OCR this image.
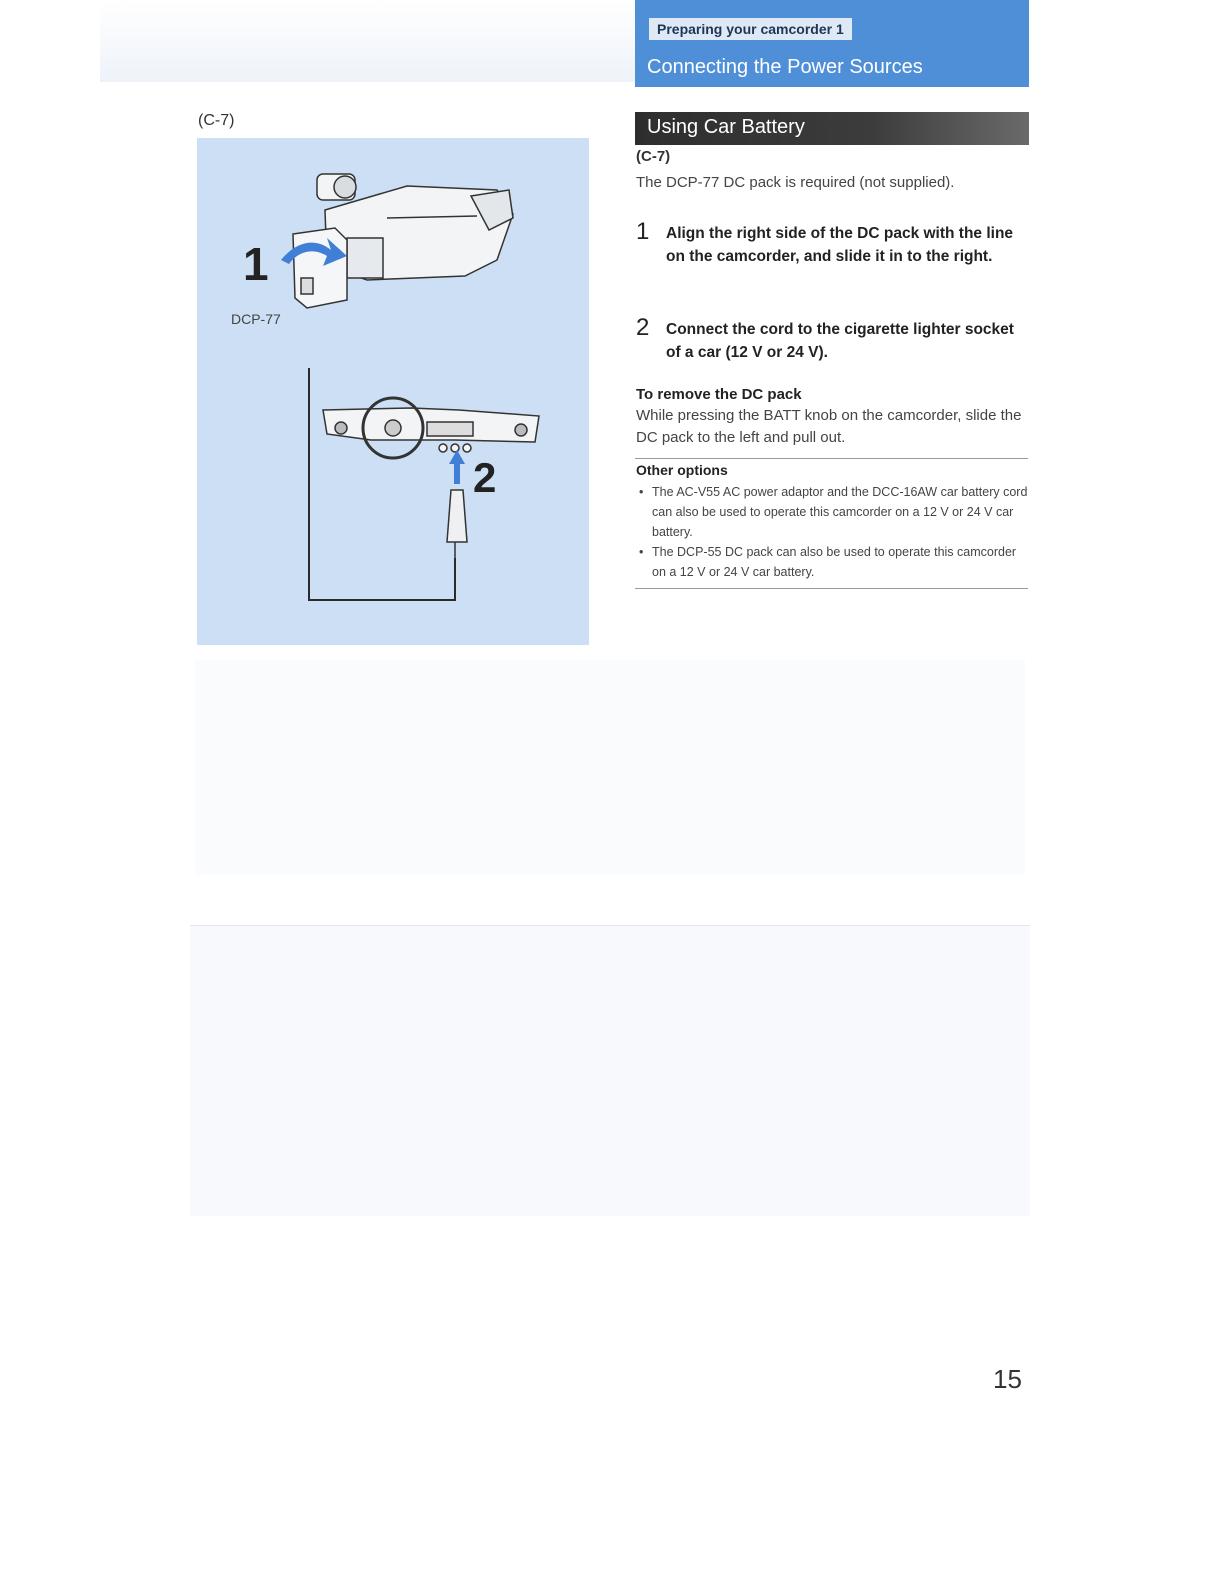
Preparing your camcorder 1
Connecting the Power Sources
(C-7)
1
2
DCP-77
Using Car Battery
(C-7)
The DCP-77 DC pack is required (not supplied).
1 Align the right side of the DC pack with the line on the camcorder, and slide it in to the right.
2 Connect the cord to the cigarette lighter socket of a car (12 V or 24 V).
To remove the DC pack
While pressing the BATT knob on the camcorder, slide the DC pack to the left and pull out.
Other options
• The AC-V55 AC power adaptor and the DCC-16AW car battery cord can also be used to operate this camcorder on a 12 V or 24 V car battery.
• The DCP-55 DC pack can also be used to operate this camcorder on a 12 V or 24 V car battery.
15
